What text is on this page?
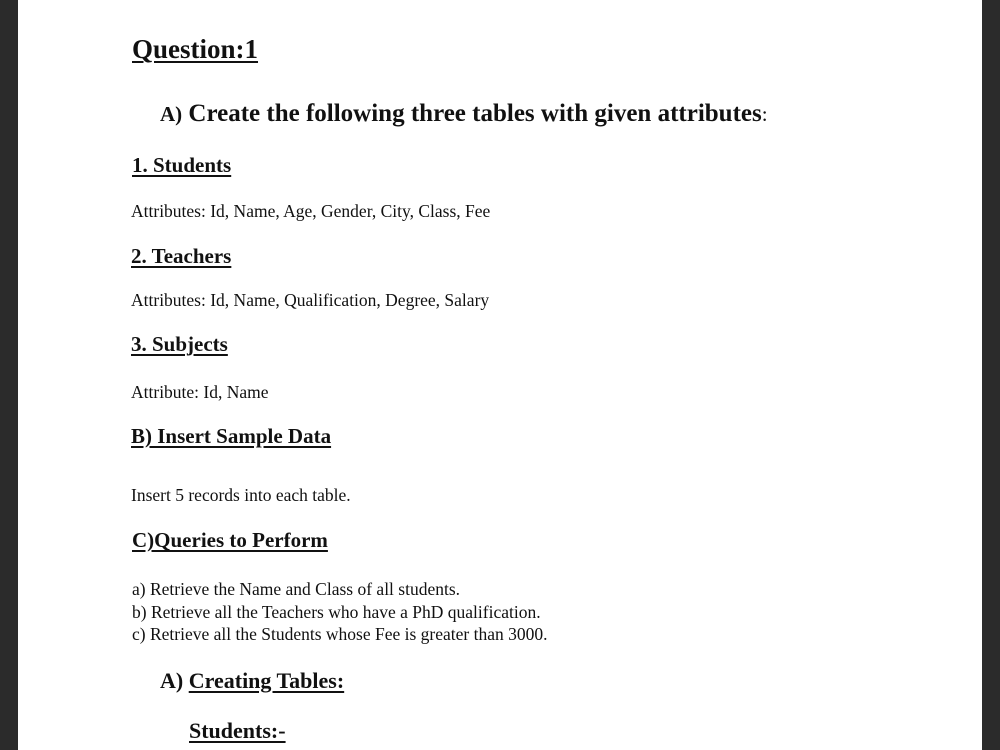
Question:1
A) Create the following three tables with given attributes:
1. Students
Attributes: Id, Name, Age, Gender, City, Class, Fee
2. Teachers
Attributes: Id, Name, Qualification, Degree, Salary
3. Subjects
Attribute: Id, Name
B) Insert Sample Data
Insert 5 records into each table.
C)Queries to Perform
a) Retrieve the Name and Class of all students.
b) Retrieve all the Teachers who have a PhD qualification.
c) Retrieve all the Students whose Fee is greater than 3000.
A) Creating Tables:
Students:-
